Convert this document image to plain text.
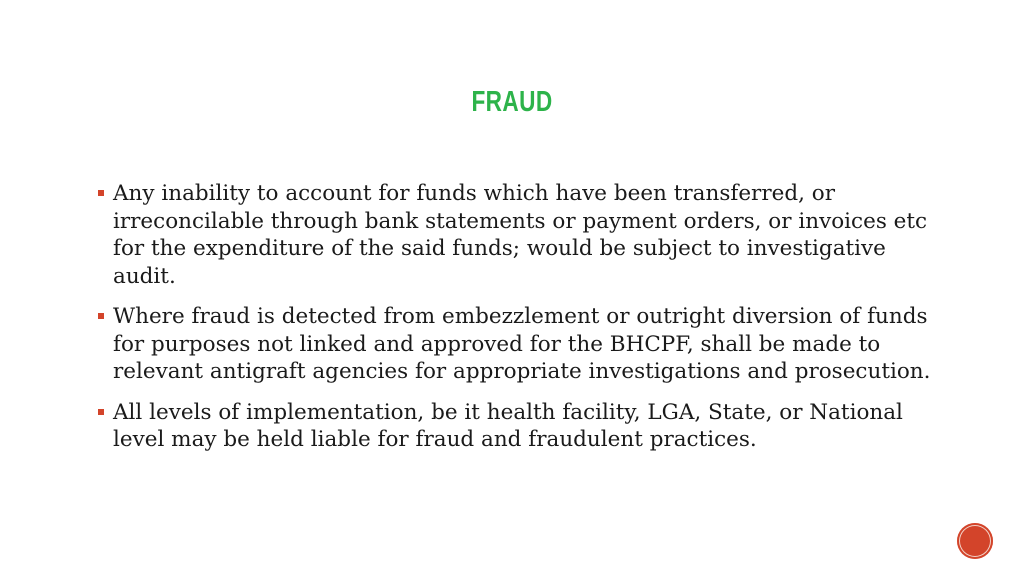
FRAUD
Any inability to account for funds which have been transferred, or irreconcilable through bank statements or payment orders, or invoices etc for the expenditure of the said funds; would be subject to investigative audit.
Where fraud is detected from embezzlement or outright diversion of funds for purposes not linked and approved for the BHCPF, shall be made to relevant antigraft agencies for appropriate investigations and prosecution.
All levels of implementation, be it health facility, LGA, State, or National level may be held liable for fraud and fraudulent practices.
